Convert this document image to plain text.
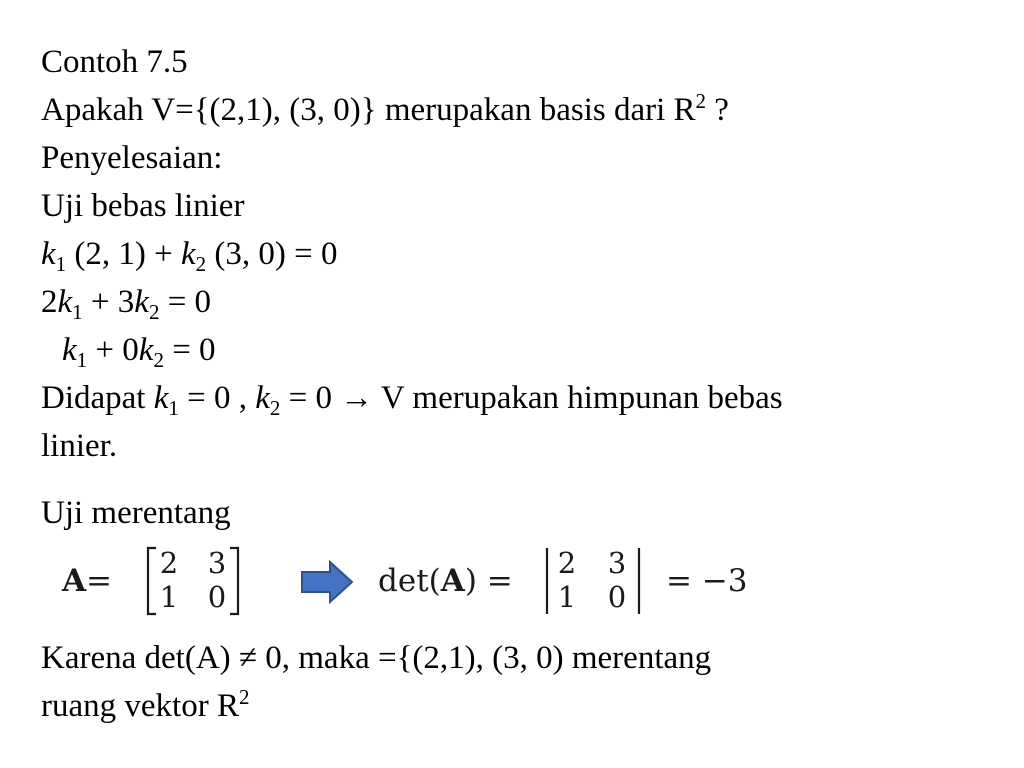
Contoh 7.5
Apakah V={(2,1), (3, 0)} merupakan basis dari $R^2$ ?
Penyelesaian:
Uji bebas linier
$k_1$ (2, $1) + k_2$ (3, 0) = 0
$2k_1 + 3k_2 = 0$
$k_1 + 0k_2 = 0$
Didapat $k_1 = 0$ , $k_2 = 0 \to V$ merupakan himpunan bebas
linier.
Uji merentang
A = 2 3
1 0	det(A) = 2 3
1 0 = −3
Karena det(A) ≠ 0, maka ={(2,1), (3, 0) merentang
ruang vektor $R^2$
